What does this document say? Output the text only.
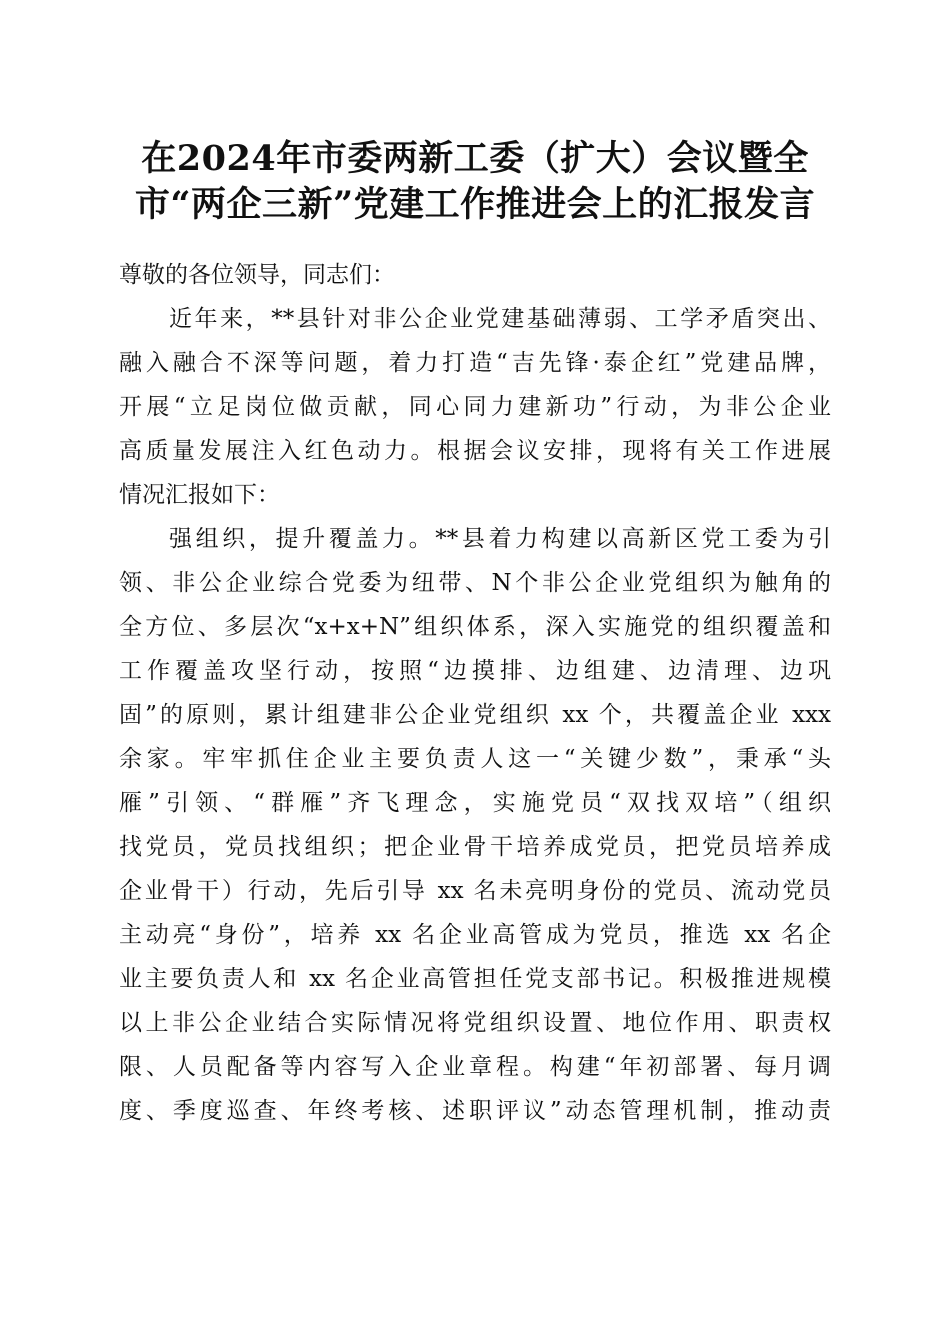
在2024年市委两新工委（扩大）会议暨全
市“两企三新”党建工作推进会上的汇报发言
尊敬的各位领导，同志们：
近年来，**县针对非公企业党建基础薄弱、工学矛盾突出、
融入融合不深等问题，着力打造“吉先锋·泰企红”党建品牌，
开展“立足岗位做贡献，同心同力建新功”行动，为非公企业
高质量发展注入红色动力。根据会议安排，现将有关工作进展
情况汇报如下：
强组织，提升覆盖力。**县着力构建以高新区党工委为引
领、非公企业综合党委为纽带、N个非公企业党组织为触角的
全方位、多层次“x+x+N”组织体系，深入实施党的组织覆盖和
工作覆盖攻坚行动，按照“边摸排、边组建、边清理、边巩
固”的原则，累计组建非公企业党组织 xx 个，共覆盖企业 xxx
余家。牢牢抓住企业主要负责人这一“关键少数”，秉承“头
雁”引领、“群雁”齐飞理念，实施党员“双找双培”（组织
找党员，党员找组织；把企业骨干培养成党员，把党员培养成
企业骨干）行动，先后引导 xx 名未亮明身份的党员、流动党员
主动亮“身份”，培养 xx 名企业高管成为党员，推选 xx 名企
业主要负责人和 xx 名企业高管担任党支部书记。积极推进规模
以上非公企业结合实际情况将党组织设置、地位作用、职责权
限、人员配备等内容写入企业章程。构建“年初部署、每月调
度、季度巡查、年终考核、述职评议”动态管理机制，推动责
